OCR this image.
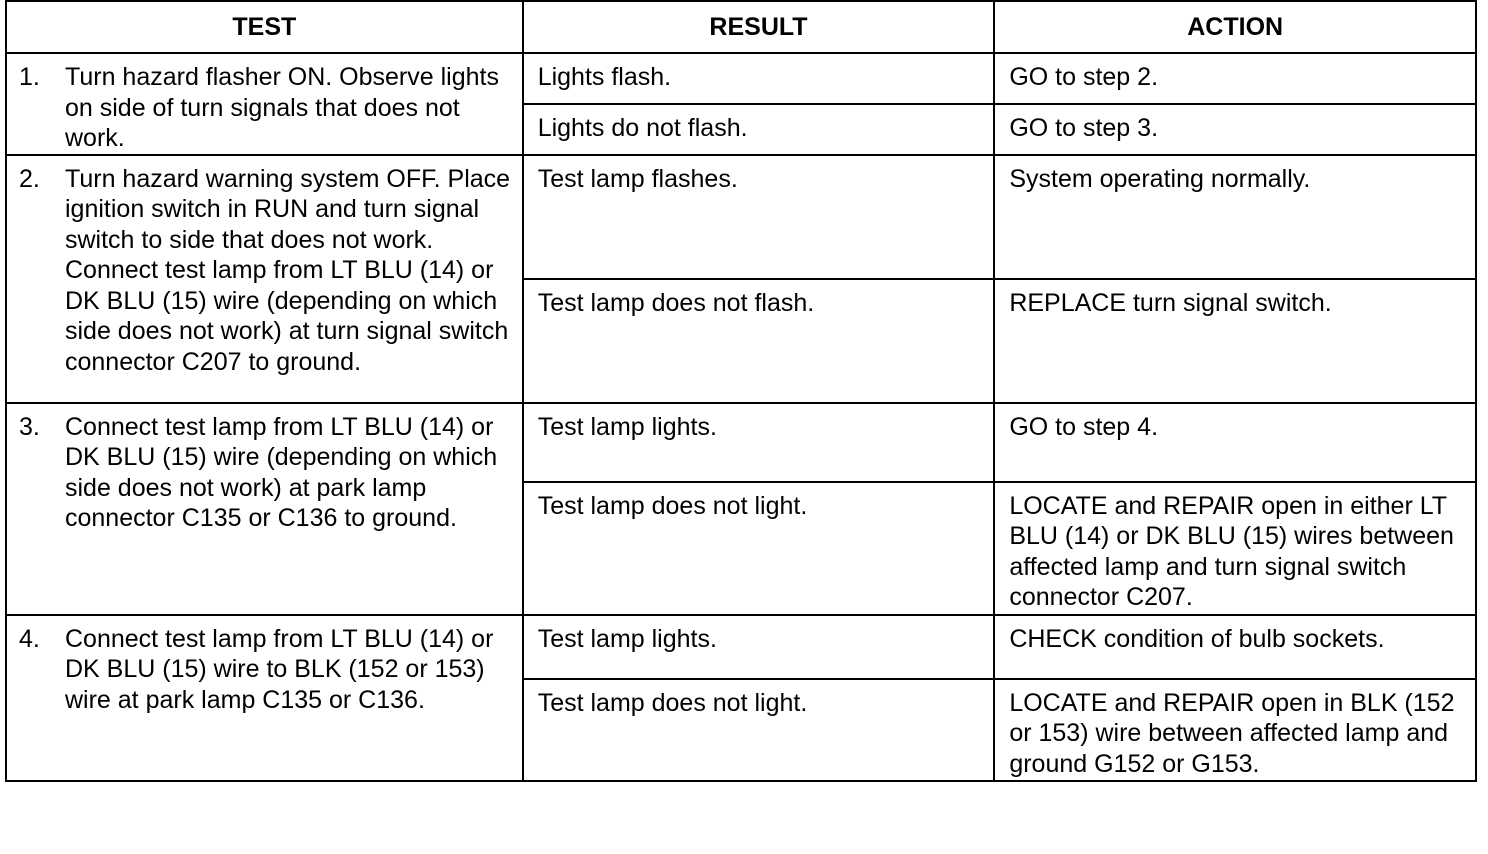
TEST	RESULT	ACTION

1. Turn hazard flasher ON. Observe lights on side of turn signals that does not work.	Lights flash.	GO to step 2.
	Lights do not flash.	GO to step 3.

2. Turn hazard warning system OFF. Place ignition switch in RUN and turn signal switch to side that does not work. Connect test lamp from LT BLU (14) or DK BLU (15) wire (depending on which side does not work) at turn signal switch connector C207 to ground.	Test lamp flashes.	System operating normally.
	Test lamp does not flash.	REPLACE turn signal switch.

3. Connect test lamp from LT BLU (14) or DK BLU (15) wire (depending on which side does not work) at park lamp connector C135 or C136 to ground.	Test lamp lights.	GO to step 4.
	Test lamp does not light.	LOCATE and REPAIR open in either LT BLU (14) or DK BLU (15) wires between affected lamp and turn signal switch connector C207.

4. Connect test lamp from LT BLU (14) or DK BLU (15) wire to BLK (152 or 153) wire at park lamp C135 or C136.	Test lamp lights.	CHECK condition of bulb sockets.
	Test lamp does not light.	LOCATE and REPAIR open in BLK (152 or 153) wire between affected lamp and ground G152 or G153.
